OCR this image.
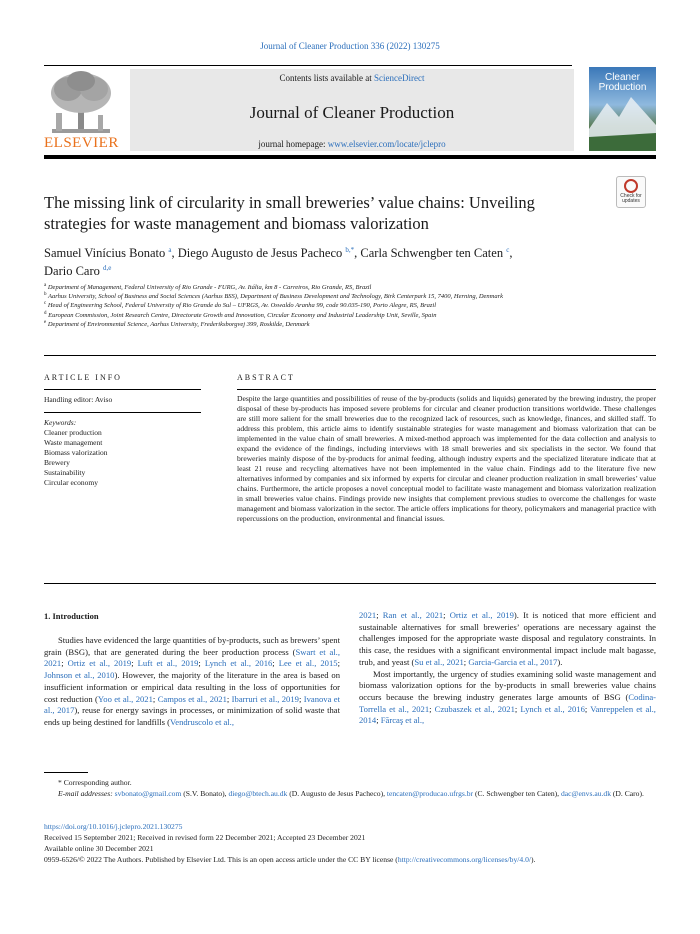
Journal of Cleaner Production 336 (2022) 130275
ELSEVIER
Contents lists available at ScienceDirect
Journal of Cleaner Production
journal homepage: www.elsevier.com/locate/jclepro
Cleaner
Production
The missing link of circularity in small breweries’ value chains: Unveiling strategies for waste management and biomass valorization
Check for updates
Samuel Vinícius Bonato $^a$, Diego Augusto de Jesus Pacheco $^{b,*}$, Carla Schwengber ten Caten $^c$,
Dario Caro $^{d,e}$
$^a$ Department of Management, Federal University of Rio Grande - FURG, Av. Itália, km 8 - Carreiros, Rio Grande, RS, Brazil
$^b$ Aarhus University, School of Business and Social Sciences (Aarhus BSS), Department of Business Development and Technology, Birk Centerpark 15, 7400, Herning, Denmark
$^c$ Head of Engineering School, Federal University of Rio Grande do Sul – UFRGS, Av. Oswaldo Aranha 99, code 90.035-190, Porto Alegre, RS, Brazil
$^d$ European Commission, Joint Research Centre, Directorate Growth and Innovation, Circular Economy and Industrial Leadership Unit, Seville, Spain
$^e$ Department of Environmental Science, Aarhus University, Frederiksborgvej 399, Roskilde, Denmark
ARTICLE INFO	ABSTRACT
Handling editor: Aviso
Keywords:
Cleaner production
Waste management
Biomass valorization
Brewery
Sustainability
Circular economy
Despite the large quantities and possibilities of reuse of the by-products (solids and liquids) generated by the brewing industry, the proper disposal of these by-products has imposed severe problems for circular and cleaner production transitions worldwide. These challenges are still more salient for the small breweries due to the recognized lack of resources, such as knowledge, finances, and skilled staff. To address this problem, this article aims to identify sustainable strategies for waste management and biomass valorization that can be implemented in the value chain of small breweries. A mixed-method approach was implemented for the data collection and analysis to expand the evidence of the findings, including interviews with 18 small breweries and six specialists in the sector. We found that breweries mainly dispose of the by-products for animal feeding, although industry experts and the specialized literature indicate that at least 21 reuse and recycling alternatives have not been implemented in the value chain. Findings add to the literature five new alternatives informed by companies and six informed by experts for circular and cleaner production realization in small breweries’ value chains. Furthermore, the article proposes a novel conceptual model to facilitate waste management and biomass valorization realization in small breweries value chains. Findings provide new insights that complement previous studies to overcome the challenges for waste management and biomass valorization in the sector. The article offers implications for theory, policymakers and managerial practice with repercussions on the production, environmental and financial issues.
1. Introduction

Studies have evidenced the large quantities of by-products, such as brewers’ spent grain (BSG), that are generated during the beer production process (Swart et al., 2021; Ortiz et al., 2019; Luft et al., 2019; Lynch et al., 2016; Lee et al., 2015; Johnson et al., 2010). However, the majority of the literature in the area is based on insufficient information or empirical data resulting in the loss of opportunities for cost reduction (Yoo et al., 2021; Campos et al., 2021; Ibarruri et al., 2019; Ivanova et al., 2017), reuse for energy savings in processes, or minimization of solid waste that ends up being destined for landfills (Vendruscolo et al.,

2021; Ran et al., 2021; Ortiz et al., 2019). It is noticed that more efficient and sustainable alternatives for small breweries’ operations are necessary against the challenges imposed for the appropriate waste disposal and regulatory constraints. In this case, the residues with a significant environmental impact include malt bagasse, trub, and yeast (Su et al., 2021; Garcia-Garcia et al., 2017).

Most importantly, the urgency of studies examining solid waste management and biomass valorization options for the by-products in small breweries value chains occurs because the brewing industry generates large amounts of BSG (Codina-Torrella et al., 2021; Czubaszek et al., 2021; Lynch et al., 2016; Vanreppelen et al., 2014; Fărcaş et al.,

* Corresponding author.
E-mail addresses: svbonato@gmail.com (S.V. Bonato), diego@btech.au.dk (D. Augusto de Jesus Pacheco), tencaten@producao.ufrgs.br (C. Schwengber ten Caten), dac@envs.au.dk (D. Caro).
https://doi.org/10.1016/j.jclepro.2021.130275
Received 15 September 2021; Received in revised form 22 December 2021; Accepted 23 December 2021
Available online 30 December 2021
0959-6526/© 2022 The Authors. Published by Elsevier Ltd. This is an open access article under the CC BY license (http://creativecommons.org/licenses/by/4.0/).
